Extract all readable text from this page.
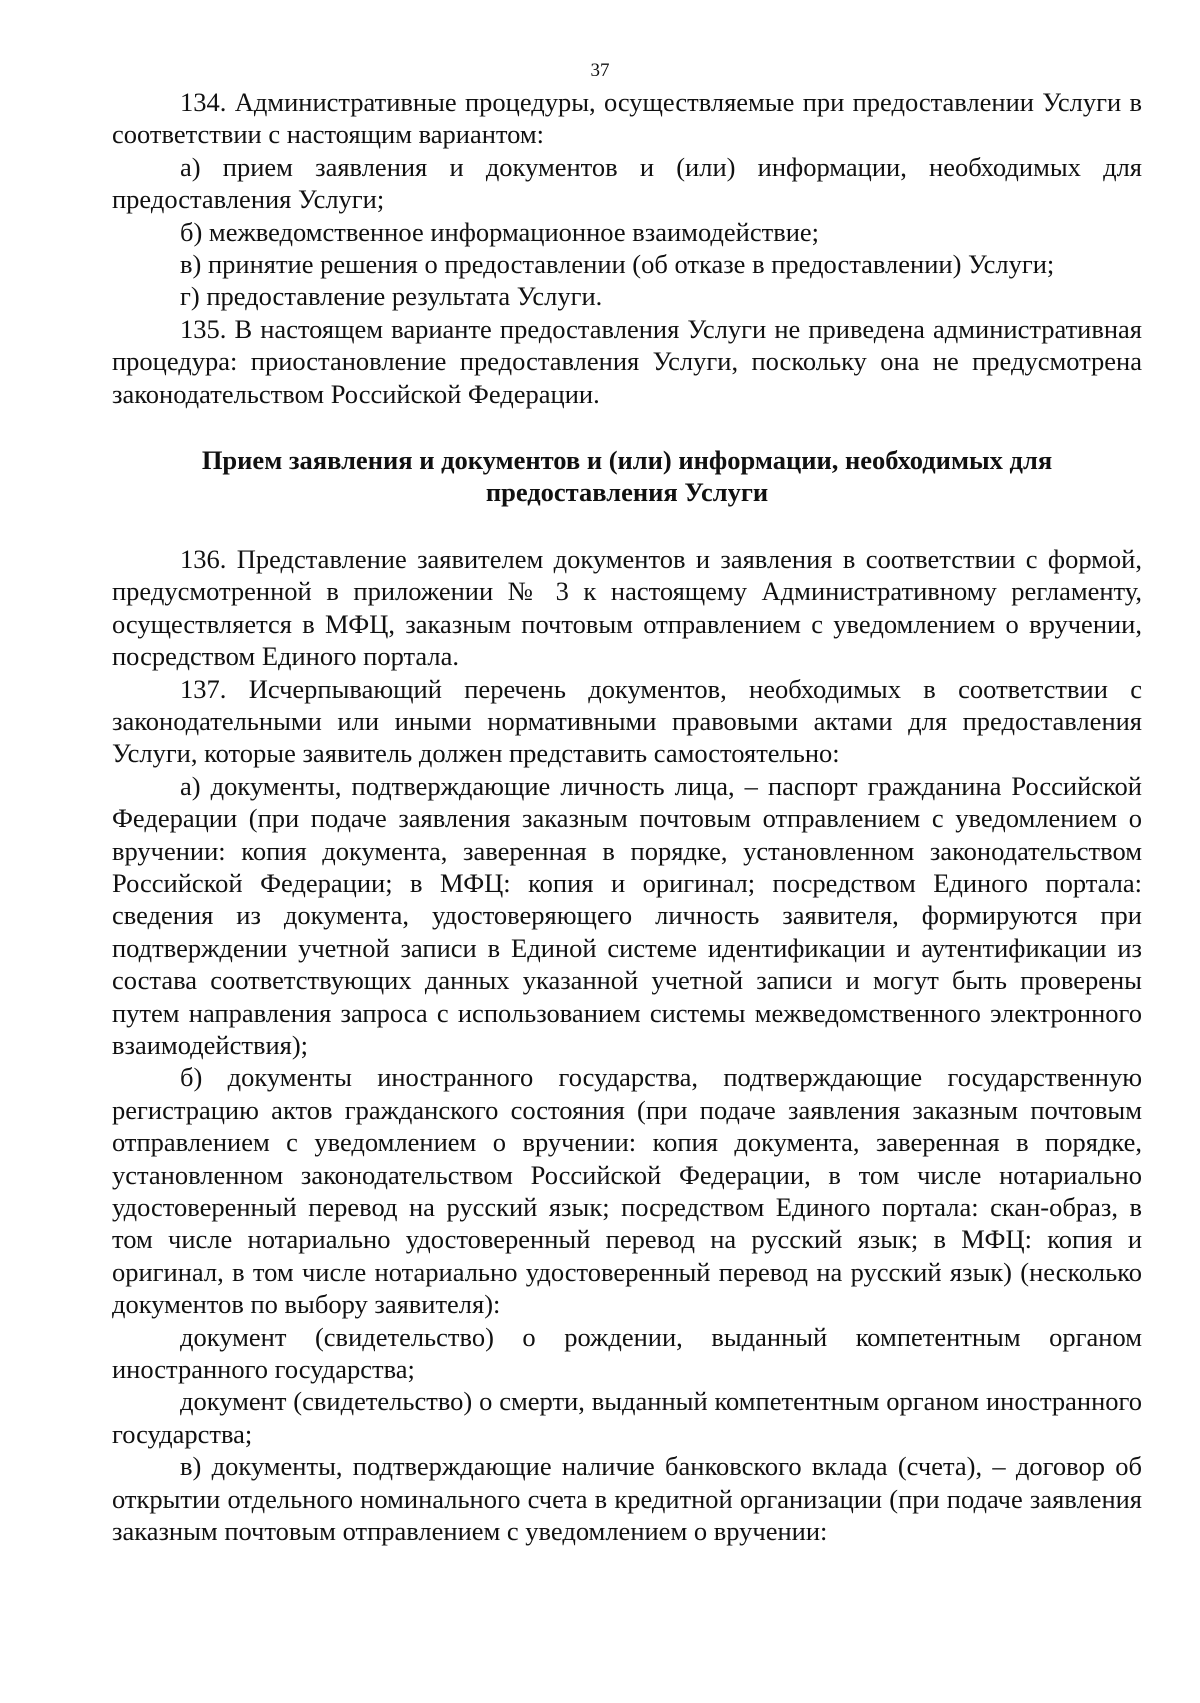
37

134. Административные процедуры, осуществляемые при предоставлении Услуги в соответствии с настоящим вариантом:

а) прием заявления и документов и (или) информации, необходимых для предоставления Услуги;

б) межведомственное информационное взаимодействие;

в) принятие решения о предоставлении (об отказе в предоставлении) Услуги;

г) предоставление результата Услуги.

135. В настоящем варианте предоставления Услуги не приведена административная процедура: приостановление предоставления Услуги, поскольку она не предусмотрена законодательством Российской Федерации.

Прием заявления и документов и (или) информации, необходимых для предоставления Услуги

136. Представление заявителем документов и заявления в соответствии с формой, предусмотренной в приложении № 3 к настоящему Административному регламенту, осуществляется в МФЦ, заказным почтовым отправлением с уведомлением о вручении, посредством Единого портала.

137. Исчерпывающий перечень документов, необходимых в соответствии с законодательными или иными нормативными правовыми актами для предоставления Услуги, которые заявитель должен представить самостоятельно:

а) документы, подтверждающие личность лица, – паспорт гражданина Российской Федерации (при подаче заявления заказным почтовым отправлением с уведомлением о вручении: копия документа, заверенная в порядке, установленном законодательством Российской Федерации; в МФЦ: копия и оригинал; посредством Единого портала: сведения из документа, удостоверяющего личность заявителя, формируются при подтверждении учетной записи в Единой системе идентификации и аутентификации из состава соответствующих данных указанной учетной записи и могут быть проверены путем направления запроса с использованием системы межведомственного электронного взаимодействия);

б) документы иностранного государства, подтверждающие государственную регистрацию актов гражданского состояния (при подаче заявления заказным почтовым отправлением с уведомлением о вручении: копия документа, заверенная в порядке, установленном законодательством Российской Федерации, в том числе нотариально удостоверенный перевод на русский язык; посредством Единого портала: скан-образ, в том числе нотариально удостоверенный перевод на русский язык; в МФЦ: копия и оригинал, в том числе нотариально удостоверенный перевод на русский язык) (несколько документов по выбору заявителя):

документ (свидетельство) о рождении, выданный компетентным органом иностранного государства;

документ (свидетельство) о смерти, выданный компетентным органом иностранного государства;

в) документы, подтверждающие наличие банковского вклада (счета), – договор об открытии отдельного номинального счета в кредитной организации (при подаче заявления заказным почтовым отправлением с уведомлением о вручении:
